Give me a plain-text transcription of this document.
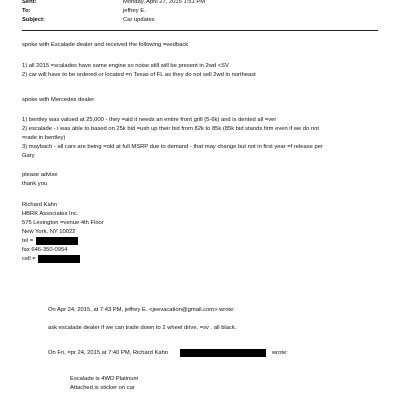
Sent:	Monday, April 27, 2015 1:51 PM
To:	jeffrey E.
Subject:	Car updates
spoke with Escalade dealer and received the following =eedback
1) all 2015 =scalades have same engine so noise still will be present in 2wd <SV
2) car will have to be ordered or located =n Texas of FL as they do not sell 2wd in northeast
spoke with Mercedes dealer
1) bentley was valued at 25,000 - they =aid it needs an entire front grill (5-6k) and is dented all =ver
2) escalade - i was able to based on 25k bid =ush up their bid from 82k to 85k (85k bid stands firm even if we do not
=rade in bentley)
3) maybach - all cars are being =old at full MSRP due to demand - that may change but not in first year =f release per
Gary
please advise
thank you
Richard Kahn
HBRK Associates Inc.
575 Lexington =venue 4th Floor
New York, NY 10022
tel =
fax 646-350-0954
cell =
On Apr 24, 2015, at 7:43 PM, jeffrey E. <jeevacation@gmail.com> wrote:
ask escalade dealer if we can trade down to 2 wheel drive. =sv . all black.
On Fri, =pr 24, 2015 at 7:40 PM, Richard Kahn	wrote:
Escalade is 4WD Platinum
Attached is sticker on car
